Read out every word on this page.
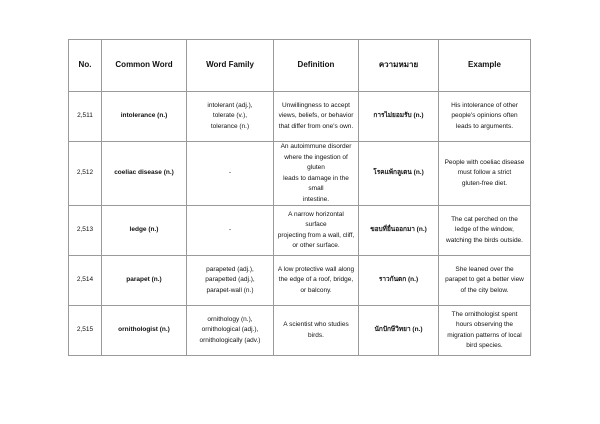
No.	Common Word	Word Family	Definition	ความหมาย	Example
2,511	intolerance (n.)	intolerant (adj.),
tolerate (v.),
tolerance (n.)	Unwillingness to accept
views, beliefs, or behavior
that differ from one's own.	การไม่ยอมรับ (n.)	His intolerance of other
people's opinions often
leads to arguments.

2,512	coeliac disease (n.)	-	An autoimmune disorder
where the ingestion of gluten
leads to damage in the small
intestine.	โรคแพ้กลูเตน (n.)	People with coeliac disease
must follow a strict
gluten-free diet.

2,513	ledge (n.)	-	A narrow horizontal surface
projecting from a wall, cliff,
or other surface.	ขอบที่ยื่นออกมา (n.)	The cat perched on the
ledge of the window,
watching the birds outside.

2,514	parapet (n.)	parapeted (adj.),
parapetted (adj.),
parapet-wall (n.)	A low protective wall along
the edge of a roof, bridge,
or balcony.	ราวกันตก (n.)	She leaned over the
parapet to get a better view
of the city below.

2,515	ornithologist (n.)	ornithology (n.),
ornithological (adj.),
ornithologically (adv.)	A scientist who studies
birds.	นักปักษีวิทยา (n.)	The ornithologist spent
hours observing the
migration patterns of local
bird species.
